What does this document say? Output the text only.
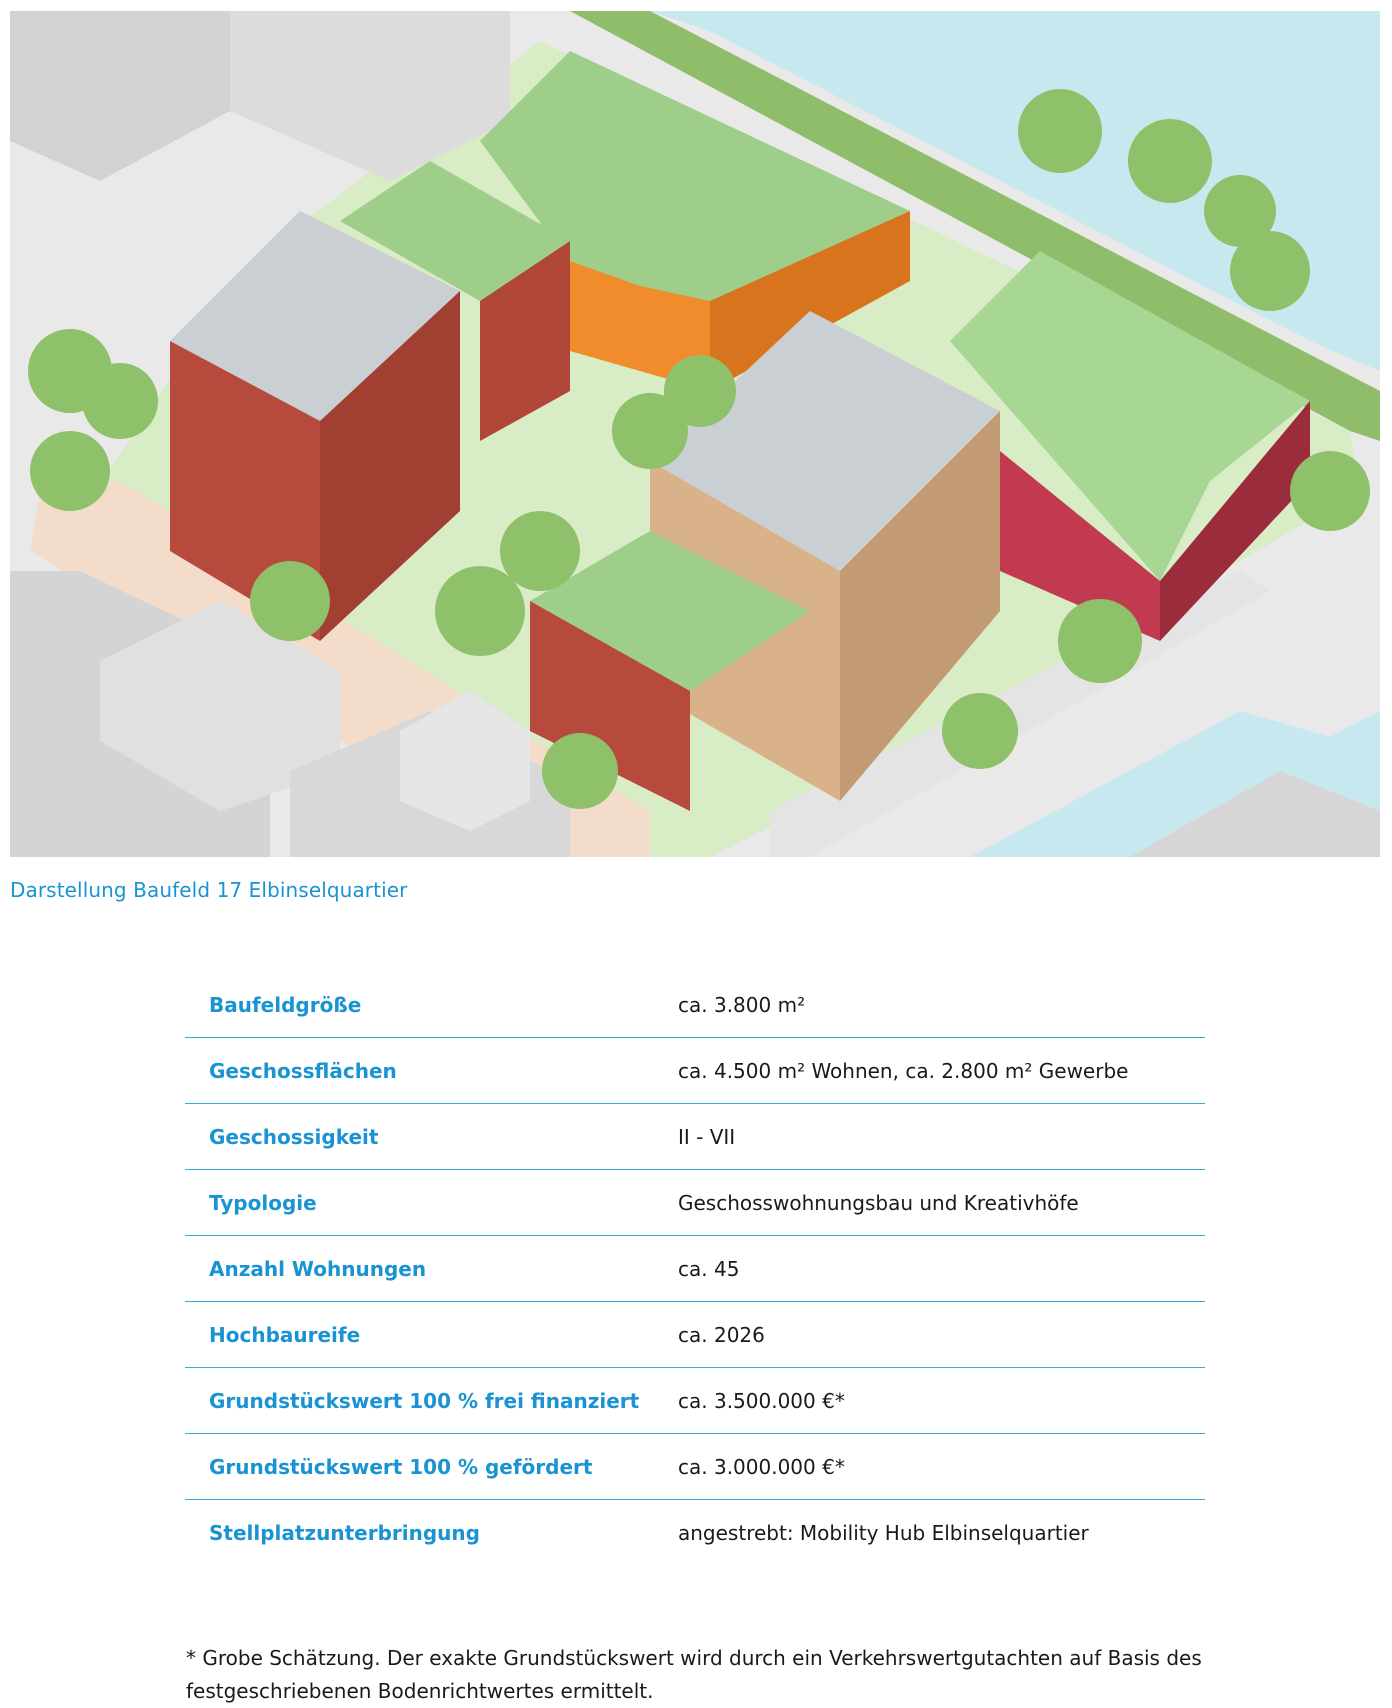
Darstellung Baufeld 17 Elbinselquartier
Baufeldgröße	ca. 3.800 m²
Geschossflächen	ca. 4.500 m² Wohnen, ca. 2.800 m² Gewerbe
Geschossigkeit	II - VII
Typologie	Geschosswohnungsbau und Kreativhöfe
Anzahl Wohnungen	ca. 45
Hochbaureife	ca. 2026
Grundstückswert 100 % frei finanziert	ca. 3.500.000 €*
Grundstückswert 100 % gefördert	ca. 3.000.000 €*
Stellplatzunterbringung	angestrebt: Mobility Hub Elbinselquartier
* Grobe Schätzung. Der exakte Grundstückswert wird durch ein Verkehrswertgutachten auf Basis des festgeschriebenen Bodenrichtwertes ermittelt.
